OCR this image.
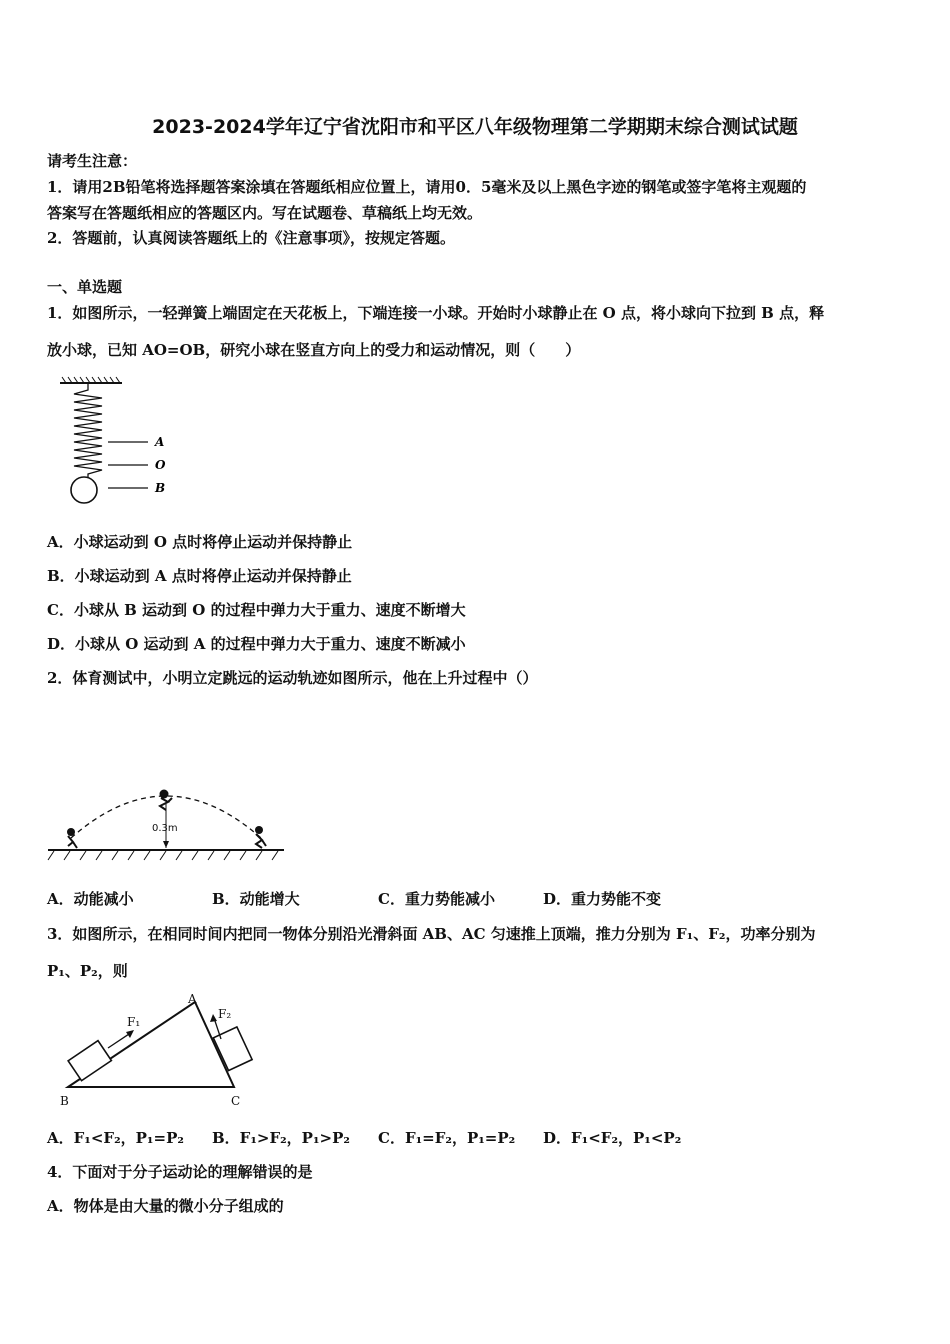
2023-2024学年辽宁省沈阳市和平区八年级物理第二学期期末综合测试试题
请考生注意：
1．请用2B铅笔将选择题答案涂填在答题纸相应位置上，请用0．5毫米及以上黑色字迹的钢笔或签字笔将主观题的
答案写在答题纸相应的答题区内。写在试题卷、草稿纸上均无效。
2．答题前，认真阅读答题纸上的《注意事项》，按规定答题。
一、单选题
1．如图所示，一轻弹簧上端固定在天花板上，下端连接一小球。开始时小球静止在 O 点，将小球向下拉到 B 点，释
放小球，已知 AO=OB，研究小球在竖直方向上的受力和运动情况，则（　　）
A
O
B
A．小球运动到 O 点时将停止运动并保持静止
B．小球运动到 A 点时将停止运动并保持静止
C．小球从 B 运动到 O 的过程中弹力大于重力、速度不断增大
D．小球从 O 运动到 A 的过程中弹力大于重力、速度不断减小
2．体育测试中，小明立定跳远的运动轨迹如图所示，他在上升过程中（）
0.3m
A．动能减小	B．动能增大	C．重力势能减小	D．重力势能不变
3．如图所示，在相同时间内把同一物体分别沿光滑斜面 AB、AC 匀速推上顶端，推力分别为 F₁、F₂，功率分别为
P₁、P₂，则
F₁
F₂
A
B	C
A．F₁<F₂，P₁=P₂ B．F₁>F₂，P₁>P₂ C．F₁=F₂，P₁=P₂ D．F₁<F₂，P₁<P₂
4．下面对于分子运动论的理解错误的是
A．物体是由大量的微小分子组成的
